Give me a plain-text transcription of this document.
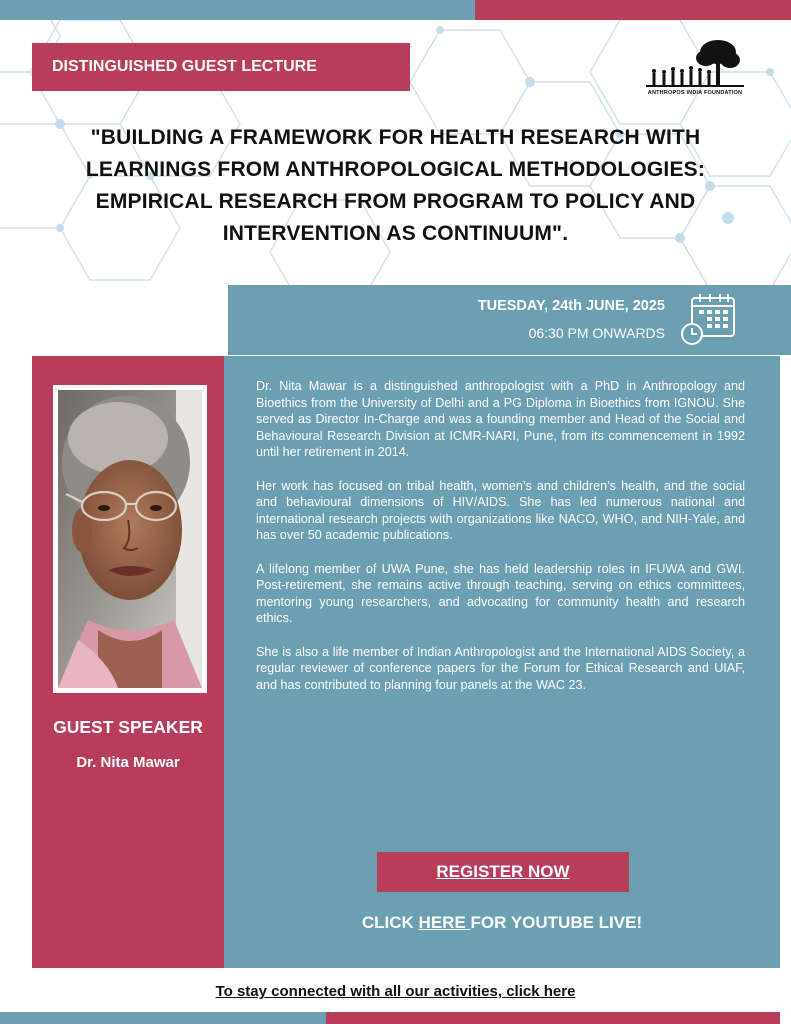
DISTINGUISHED GUEST LECTURE
ANTHROPOS INDIA FOUNDATION
"BUILDING A FRAMEWORK FOR HEALTH RESEARCH WITH LEARNINGS FROM ANTHROPOLOGICAL METHODOLOGIES: EMPIRICAL RESEARCH FROM PROGRAM TO POLICY AND INTERVENTION AS CONTINUUM".
TUESDAY, 24th JUNE, 2025
06:30 PM ONWARDS
GUEST SPEAKER
Dr. Nita Mawar

Dr. Nita Mawar is a distinguished anthropologist with a PhD in Anthropology and Bioethics from the University of Delhi and a PG Diploma in Bioethics from IGNOU. She served as Director In-Charge and was a founding member and Head of the Social and Behavioural Research Division at ICMR-NARI, Pune, from its commencement in 1992 until her retirement in 2014.

Her work has focused on tribal health, women’s and children’s health, and the social and behavioural dimensions of HIV/AIDS. She has led numerous national and international research projects with organizations like NACO, WHO, and NIH-Yale, and has over 50 academic publications.

A lifelong member of UWA Pune, she has held leadership roles in IFUWA and GWI. Post-retirement, she remains active through teaching, serving on ethics committees, mentoring young researchers, and advocating for community health and research ethics.

She is also a life member of Indian Anthropologist and the International AIDS Society, a regular reviewer of conference papers for the Forum for Ethical Research and UIAF, and has contributed to planning four panels at the WAC 23.

REGISTER NOW
CLICK HERE FOR YOUTUBE LIVE!
To stay connected with all our activities, click here
